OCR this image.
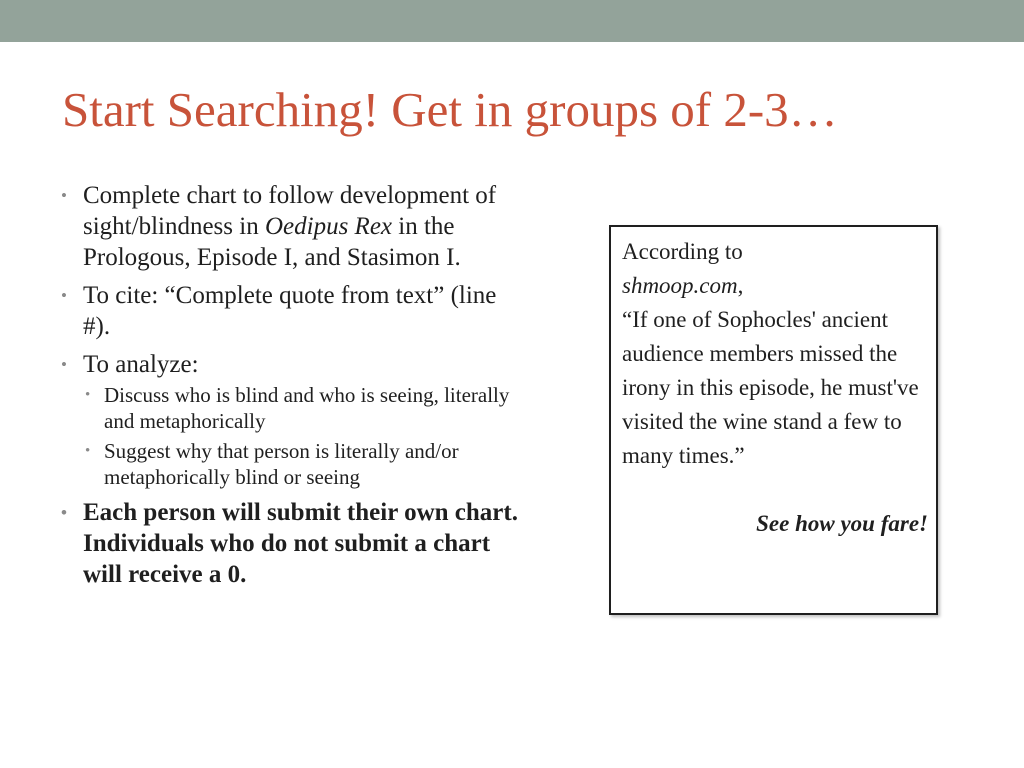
Start Searching! Get in groups of 2-3…
• Complete chart to follow development of sight/blindness in Oedipus Rex in the Prologous, Episode I, and Stasimon I.
• To cite: “Complete quote from text” (line #).
• To analyze:
• Discuss who is blind and who is seeing, literally and metaphorically
• Suggest why that person is literally and/or metaphorically blind or seeing
• Each person will submit their own chart. Individuals who do not submit a chart will receive a 0.

According to
shmoop.com,

“If one of Sophocles' ancient audience members missed the irony in this episode, he must've visited the wine stand a few to many times.”

See how you fare!
